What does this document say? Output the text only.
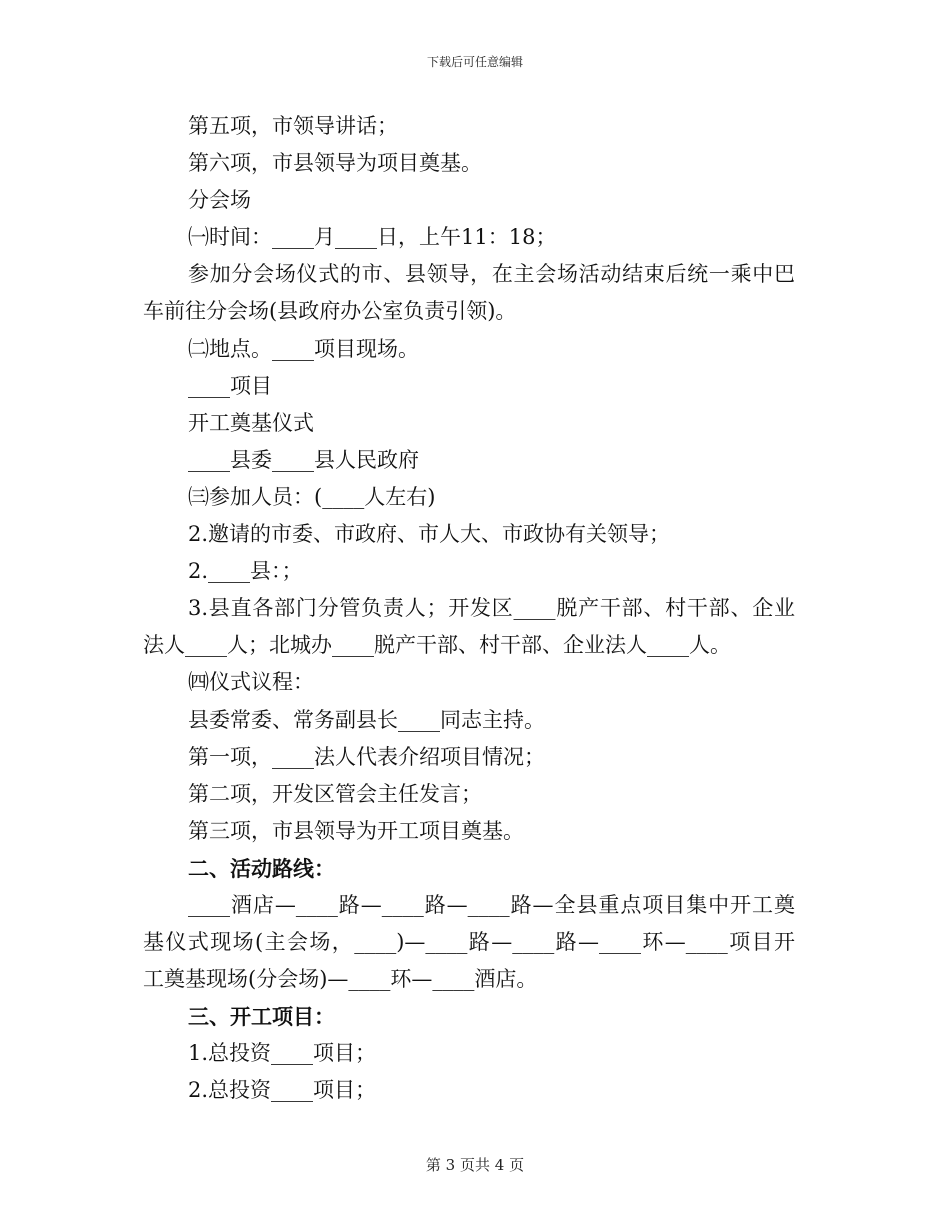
下载后可任意编辑
第五项，市领导讲话；
第六项，市县领导为项目奠基。
分会场
㈠时间：____月____日，上午11：18；
参加分会场仪式的市、县领导，在主会场活动结束后统一乘中巴
车前往分会场(县政府办公室负责引领)。
㈡地点。____项目现场。
____项目
开工奠基仪式
____县委____县人民政府
㈢参加人员：(____人左右)
2.邀请的市委、市政府、市人大、市政协有关领导；
2.____县：；
3.县直各部门分管负责人；开发区____脱产干部、村干部、企业
法人____人；北城办____脱产干部、村干部、企业法人____人。
㈣仪式议程：
县委常委、常务副县长____同志主持。
第一项，____法人代表介绍项目情况；
第二项，开发区管会主任发言；
第三项，市县领导为开工项目奠基。
二、活动路线：
____酒店—____路—____路—____路—全县重点项目集中开工奠
基仪式现场(主会场，____)—____路—____路—____环—____项目开
工奠基现场(分会场)—____环—____酒店。
三、开工项目：
1.总投资____项目；
2.总投资____项目；
第 3 页共 4 页
